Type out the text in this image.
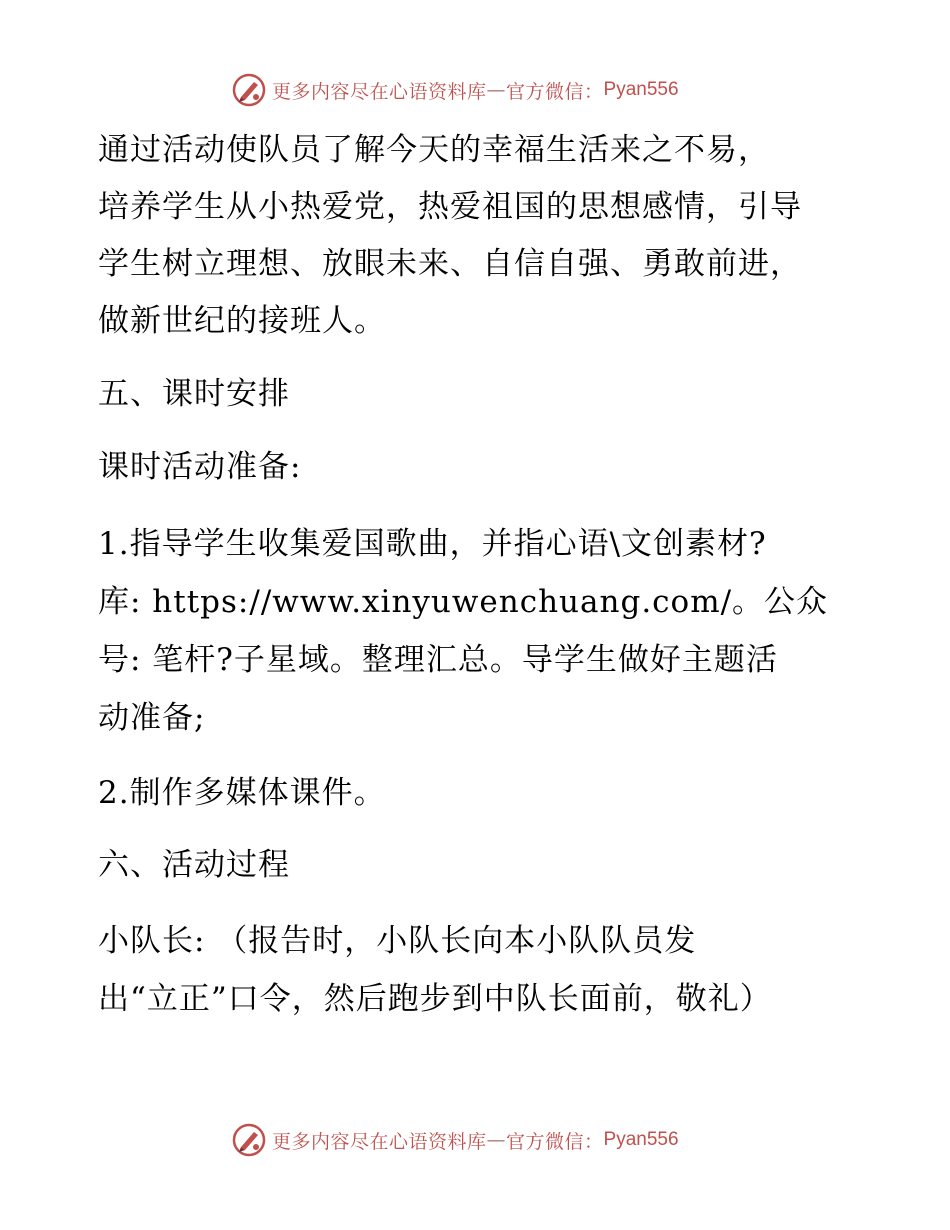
更多内容尽在心语资料库 — 官方微信： Pyan556
通过活动使队员了解今天的幸福生活来之不易，
培养学生从小热爱党，热爱祖国的思想感情，引导
学生树立理想、放眼未来、自信自强、勇敢前进，
做新世纪的接班人。
五、课时安排
课时活动准备:
1.指导学生收集爱国歌曲，并指心语\文创素材?
库: https://www.xinyuwenchuang.com/。公众
号: 笔杆?子星域。整理汇总。导学生做好主题活
动准备;
2.制作多媒体课件。
六、活动过程
小队长: （报告时，小队长向本小队队员发
出“立正”口令，然后跑步到中队长面前，敬礼）
更多内容尽在心语资料库 — 官方微信： Pyan556
